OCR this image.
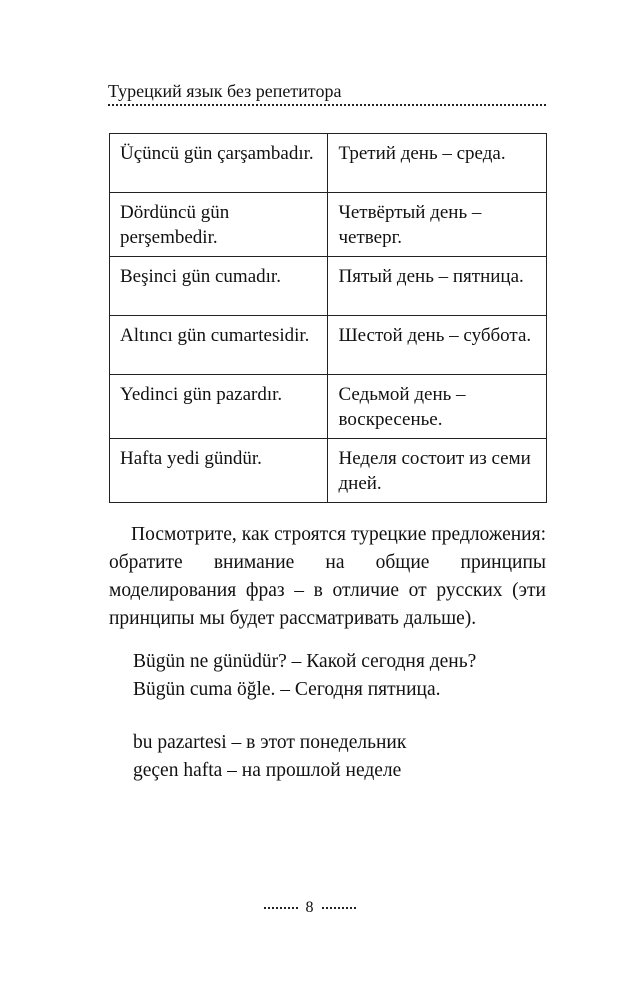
Турецкий язык без репетитора
Üçüncü gün çarşambadır.	Третий день – среда.
Dördüncü gün perşembedir.	Четвёртый день – четверг.
Beşinci gün cumadır.	Пятый день – пятница.
Altıncı gün cumartesidir.	Шестой день – суббота.
Yedinci gün pazardır.	Седьмой день – воскресенье.
Hafta yedi gündür.	Неделя состоит из семи дней.

Посмотрите, как строятся турецкие предложения: обратите внимание на общие принципы моделирования фраз – в отличие от русских (эти принципы мы будет рассматривать дальше).

Bügün ne günüdür? – Какой сегодня день?
Bügün cuma öğle. – Сегодня пятница.
bu pazartesi – в этот понедельник
geçen hafta – на прошлой неделе
8
